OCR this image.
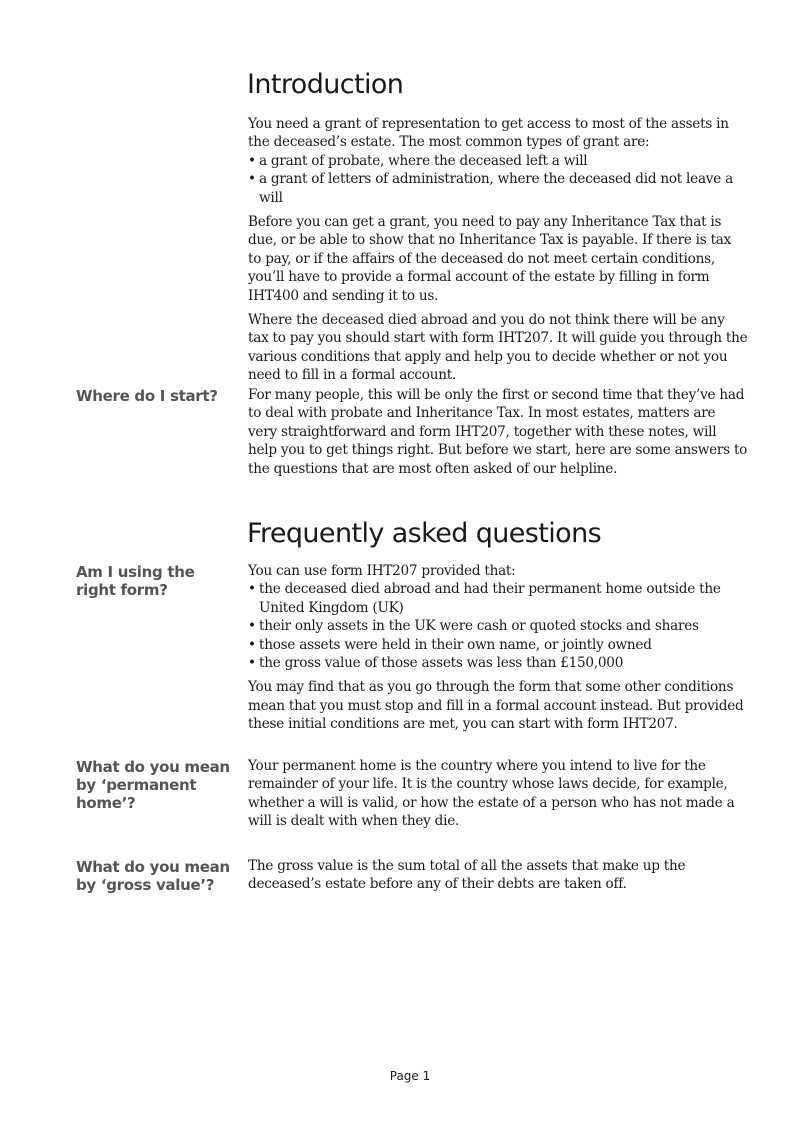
Introduction

You need a grant of representation to get access to most of the assets in the deceased’s estate. The most common types of grant are:

• a grant of probate, where the deceased left a will
• a grant of letters of administration, where the deceased did not leave a will

Before you can get a grant, you need to pay any Inheritance Tax that is due, or be able to show that no Inheritance Tax is payable. If there is tax to pay, or if the affairs of the deceased do not meet certain conditions, you’ll have to provide a formal account of the estate by filling in form IHT400 and sending it to us.

Where the deceased died abroad and you do not think there will be any tax to pay you should start with form IHT207. It will guide you through the various conditions that apply and help you to decide whether or not you need to fill in a formal account.

Where do I start?	For many people, this will be only the first or second time that they’ve had to deal with probate and Inheritance Tax. In most estates, matters are very straightforward and form IHT207, together with these notes, will help you to get things right. But before we start, here are some answers to the questions that are most often asked of our helpline.

Frequently asked questions
Am I using the right form?

You can use form IHT207 provided that:

• the deceased died abroad and had their permanent home outside the United Kingdom (UK)
• their only assets in the UK were cash or quoted stocks and shares
• those assets were held in their own name, or jointly owned
• the gross value of those assets was less than £150,000

You may find that as you go through the form that some other conditions mean that you must stop and fill in a formal account instead. But provided these initial conditions are met, you can start with form IHT207.

What do you mean by ‘permanent home’?

Your permanent home is the country where you intend to live for the remainder of your life. It is the country whose laws decide, for example, whether a will is valid, or how the estate of a person who has not made a will is dealt with when they die.

What do you mean by ‘gross value’?

The gross value is the sum total of all the assets that make up the deceased’s estate before any of their debts are taken off.

Page 1
